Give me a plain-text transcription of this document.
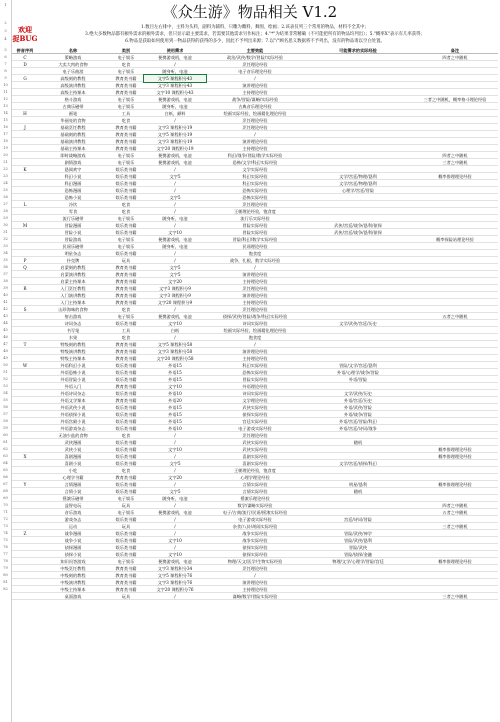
1
2
3
4
5
6
7
8
9
10
11
12
13
14
15
16
17
18
19
20
21
22
23
24
25
26
27
28
29
30
31
32
33
34
35
36
37
38
39
40
41
42
43
44
45
46
47
48
49
50
51
52
53
54
55
56
57
58
59
60
61
62
63
64
65
66
67
68
69
70
71
72
73
74
75
76
77
78
79
80
81
82
《众生游》物品相关 V1.2
欢迎
捉BUG
1.数目左右排中，主料为头料，副料为辅料，只雕为雕料，舞图，绘画；2.该表仅列三个常用的物品，材料不全其中；
3.绝大多数物品都有额外需求的额外需求，但只显示最主要需求，若需要其他需求另作标注；4."*"为结果非常精确（不可能把所有的物品均列出）；5."概率X"表示有几率获得；
6.物品是获取如何使用到一物品获得的获得的多少，因此不予列出来源；7.以"/"顾名思义数据将不予列出，没有的物品请以空白处置。
拼音序列	名称	类别	使用需求	主要效能	可能需求的实际经验	备注
C	策略游戏	电子娱乐	便携游戏机，电池	政治/武侠/数学/冒险/实际经验	四者之中随机
D	大卖大肉的食物	吃食	/	烹饪理论经验
电子乐曲游	电子娱乐	随身听，电池	电子音乐理论经验
G	高级刻的教程	教育类书籍	文字5 课程积分43	/
高级演讲教程	教育类书籍	文字3 课程积分43	演讲理论经验
高级主持课本	教育类书籍	文字10 课程积分43	主持理论经验
格斗游戏	电子娱乐	便携游戏机，电池	战争/冒险/谋略/实际经验	三者之中随机，概率格斗理论经验
古典乐磁带	电子娱乐	随身听，电池	古典音乐理论经验
H	画笔	工具	白纸，颜料	绘画实际经验，绘画精化理论经验
华丽亮的食物	吃食	/	烹饪理论经验
J	基础烹饪教程	教育类书籍	文字3 课程积分19	烹饪理论经验
基础刻的教程	教育类书籍	文字5 课程积分19	/
基础演讲教程	教育类书籍	文字3 课程积分19	演讲理论经验
基础主持课本	教育类书籍	文字20 课程积分19	主持理论经验
即时战略游戏	电子娱乐	便携游戏机，电池	科幻/战争/冒险/数学实际经验	四者之中随机
剧情游戏	电子娱乐	便携游戏机，电池	恐怖/文学/科幻实际经验	三者之中随机
K	悬阅欢字	娱乐类书籍	/	文学实际经验
科幻小说	娱乐类书籍	文字5	科幻实际经验	文学/宫廷/物理/悬利	概率推理理论经验
科幻漫画	娱乐类书籍	/	科幻实际经验	文学/宫廷/物理/悬利
恐怖漫画	娱乐类书籍	/	恐怖实际经验	心理学/宫廷/冒险
恐怖小说	娱乐类书籍	文字5	恐怖实际经验
L	冷饮	吃食	/	烹饪理论经验
零食	吃食	/	王朝理论经验，饱食度
流行乐磁带	电子娱乐	随身听，电池	流行乐实际经验
M	冒险漫画	娱乐类书籍	/	冒险实际经验	武侠/宫廷/战争/悬利/侦探
冒险小说	娱乐类书籍	文字10	冒险实际经验	武侠/宫廷/战争/悬利/侦探
冒险游戏	电子娱乐	便携游戏机，电池	冒险/科幻/数学实际经验	概率探险站理论经验
民谣乐磁带	电子娱乐	随身听，电池	民谣理论经验
明星杂志	娱乐类书籍	/	饱食度
P	扑克牌	玩具	/	战争，扎根，数学实际经验
Q	启蒙刻的教程	教育类书籍	文字5	/
启蒙演讲教程	教育类书籍	文字5	演讲理论经验
启蒙主持课本	教育类书籍	文字20	主持理论经验
R	入门烹饪教程	教育类书籍	文字3 课程积分9	烹饪理论经验
入门演讲教程	教育类书籍	文字3 课程积分9	演讲理论经验
入门主持课本	教育类书籍	文字20 课程积分9	主持理论经验
S	山珍海味的食物	吃食	/	烹饪理论经验
射击游戏	电子娱乐	便携游戏机，电池	侦探/武侠/冒险/战争/科幻实际经验	五者之中随机
诗词杂志	娱乐类书籍	文字10	诗词实际经验	文学/武侠/宫廷/历史
书写笔	工具	白纸	绘画实际经验，绘画精化理论经验
水果	吃食	/	饱食度
T	特级刻的教程	教育类书籍	文字5 课程积分58	/
特级演讲教程	教育类书籍	文字3 课程积分58	演讲理论经验
特级主持课本	教育类书籍	文字20 课程积分58	主持理论经验
W	外语科幻小说	娱乐类书籍	外语15	科幻实际经验	冒险/文学/宫廷/悬利
外语恐怖小说	娱乐类书籍	外语15	恐怖实际经验	外语/心理学/战争/冒险
外语冒险小说	娱乐类书籍	外语15	冒险实际经验	外语/冒险
外语入门	教育类书籍	文字10	外语理论经验
外语诗词杂志	娱乐类书籍	外语10	诗词实际经验	文学/武侠/历史
外语文学课本	教育类书籍	外语20	文学理论经验	外语/宫廷/历史
外语武侠小说	娱乐类书籍	外语15	武侠实际经验	外语/武侠/冒险
外语侦探小说	娱乐类书籍	外语15	侦探实际经验	外语/战争/冒险
外语宫殿小说	娱乐类书籍	外语15	宫廷实际经验	外语/宫廷/冒险/科幻
外语游戏杂志	娱乐类书籍	外语10	电子游戏实际经验	外语/宫廷/诗词/战争
无油少盐的食物	吃食	/	烹饪理论经验
武侠漫画	娱乐类书籍	/	武侠实际经验	随机
武侠小说	娱乐类书籍	文字10	武侠实际经验	概率推理理论经验
X	喜剧漫画	娱乐类书籍	/	喜剧实际经验	概率推理理论经验
喜剧小说	娱乐类书籍	文字5	喜剧实际经验	文学/宫廷/侦探/科幻
小吃	吃食	/	王朝理论经验，饱食度
心理学书籍	教育类书籍	文字20	心理学理论经验
Y	言情漫画	娱乐类书籍	/	言情实际经验	明星/悬利	概率推理理论经验
言情小说	娱乐类书籍	文字5	言情实际经验	随机
摇滚乐磁带	电子娱乐	随身听，电池	摇滚乐理论经验
益智电玩	玩具	/	数学/谋略实际经验	四者之中随机
音乐游戏	电子娱乐	便携游戏机，电池	电子/古典/流行/民谣/摇滚实际经验	五者之中随机
游戏杂志	娱乐类书籍	/	电子游戏实际经验	宫廷/诗词/冒险
运动	玩具	/	杂食/八卦/胡闹实际经验	三者之中随机
Z	战争漫画	娱乐类书籍	/	战争实际经验	冒险/武侠/神学
战争小说	娱乐类书籍	文字10	战争实际经验	冒险/武侠/悬利
侦探漫画	娱乐类书籍	/	侦探实际经验	冒险/武侠
侦探小说	娱乐类书籍	文字10	侦探实际经验	冒险/侦探/金融
知识问答游戏	电子娱乐	便携游戏机，电池	物理/天文/医学/生物实际经验	物理/文学/心理学/冒险/宫廷	概率推理理论经验
中级烹饪教程	教育类书籍	文字3 课程积分34	烹饪理论经验
中级刻的教程	教育类书籍	文字5 课程积分76	/
中级演讲教程	教育类书籍	文字3 课程积分76	演讲理论经验
中级主持课本	教育类书籍	文字20 课程积分76	主持理论经验
桌面游戏	玩具	/	谋略/数学/冒险实际经验	三者之中随机
